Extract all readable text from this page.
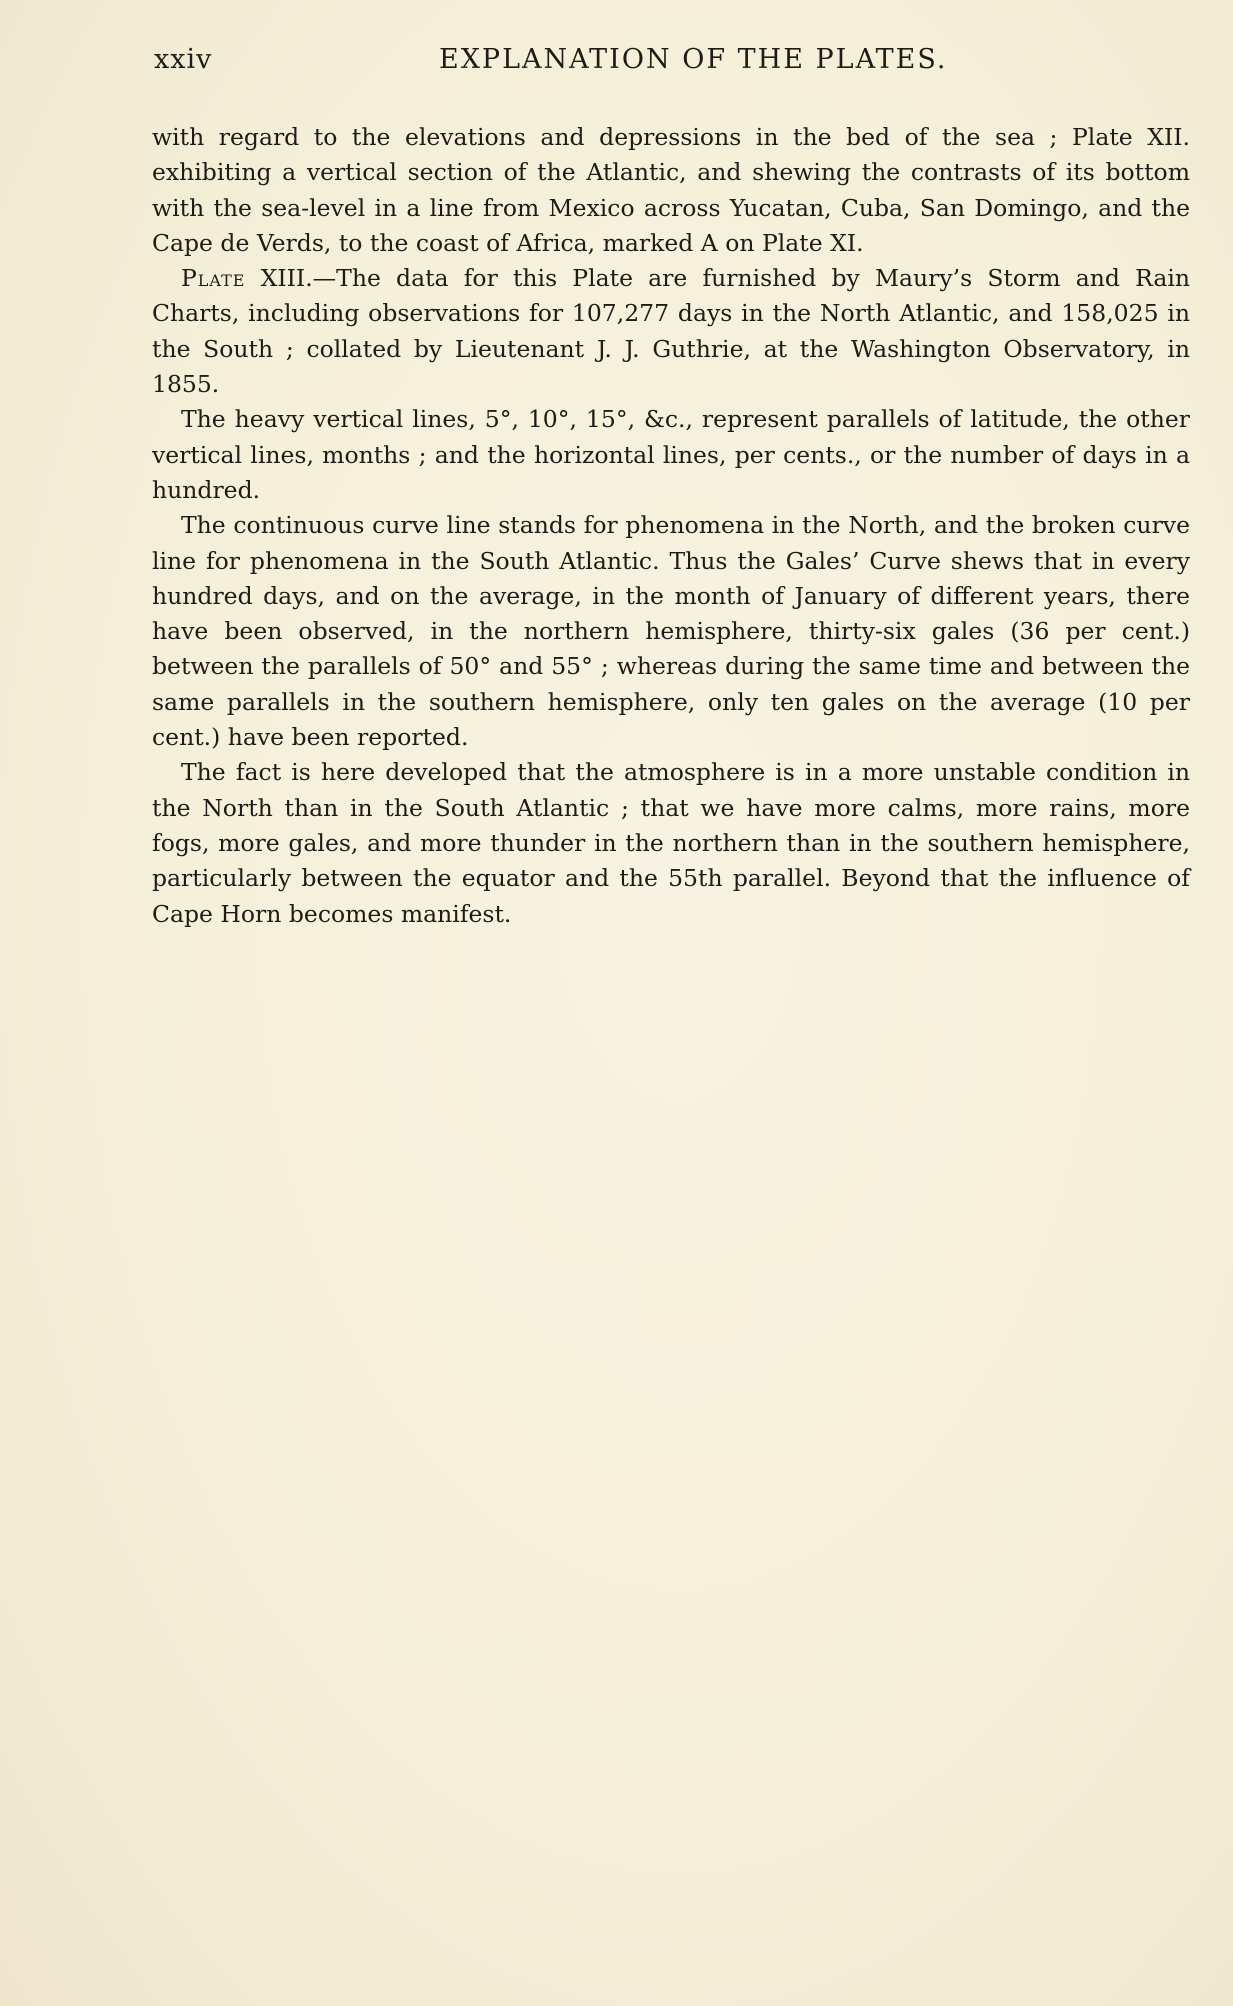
xxiv	EXPLANATION OF THE PLATES.

with regard to the elevations and depressions in the bed of the sea ; Plate XII. exhibiting a vertical section of the Atlantic, and shewing the contrasts of its bottom with the sea-level in a line from Mexico across Yucatan, Cuba, San Domingo, and the Cape de Verds, to the coast of Africa, marked A on Plate XI.

Plate XIII.—The data for this Plate are furnished by Maury’s Storm and Rain Charts, including observations for 107,277 days in the North Atlantic, and 158,025 in the South ; collated by Lieutenant J. J. Guthrie, at the Washington Observatory, in 1855.

The heavy vertical lines, 5°, 10°, 15°, &c., represent parallels of latitude, the other vertical lines, months ; and the horizontal lines, per cents., or the number of days in a hundred.

The continuous curve line stands for phenomena in the North, and the broken curve line for phenomena in the South Atlantic. Thus the Gales’ Curve shews that in every hundred days, and on the average, in the month of January of different years, there have been observed, in the northern hemisphere, thirty-six gales (36 per cent.) between the parallels of 50° and 55° ; whereas during the same time and between the same parallels in the southern hemisphere, only ten gales on the average (10 per cent.) have been reported.

The fact is here developed that the atmosphere is in a more unstable condition in the North than in the South Atlantic ; that we have more calms, more rains, more fogs, more gales, and more thunder in the northern than in the southern hemisphere, particularly between the equator and the 55th parallel. Beyond that the influence of Cape Horn becomes manifest.
